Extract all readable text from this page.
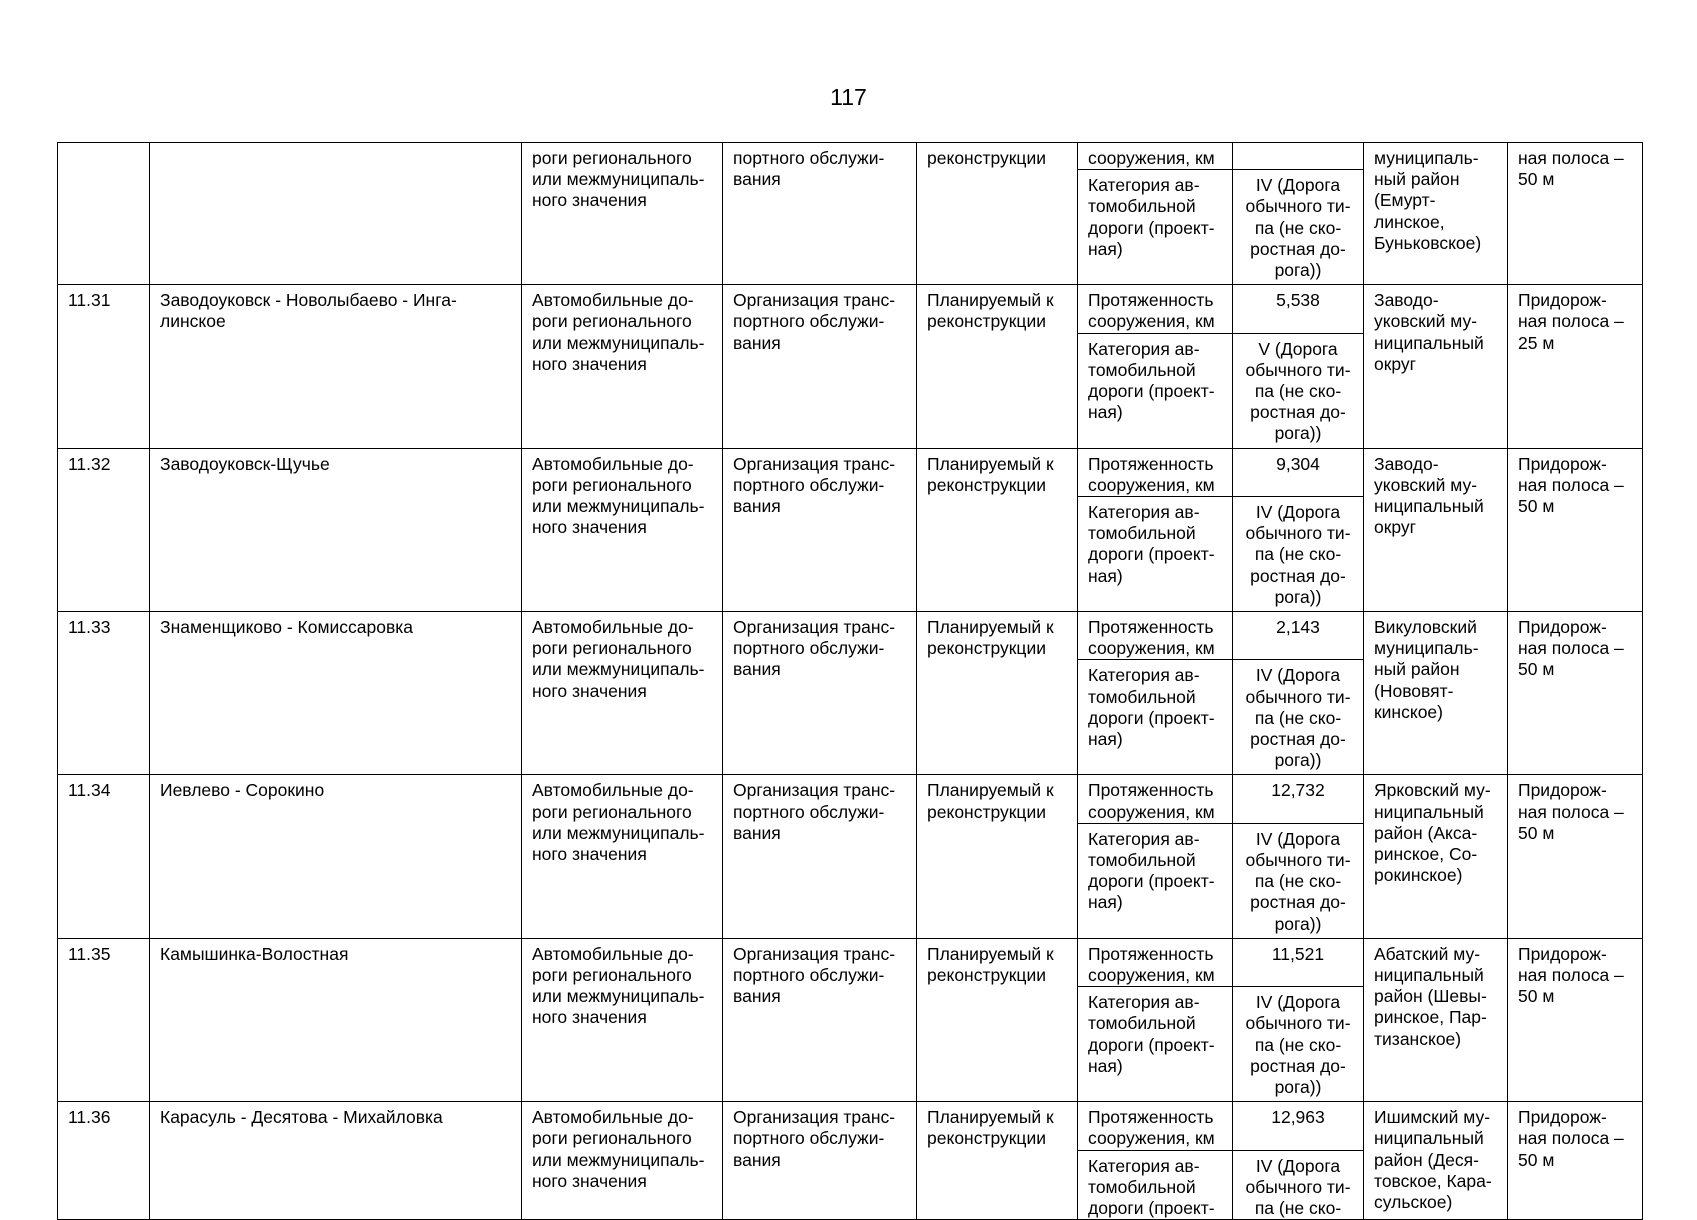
117
		роги регионального
или межмуниципаль-
ного значения	портного обслужи-
вания	реконструкции	сооружения, км		муниципаль-
ный район
(Емурт-
линское,
Буньковское)	ная полоса –
50 м
					Категория ав-
томобильной
дороги (проект-
ная)	IV (Дорога
обычного ти-
па (не ско-
ростная до-
рога))		
11.31	Заводоуковск - Новолыбаево - Инга-
линское	Автомобильные до-
роги регионального
или межмуниципаль-
ного значения	Организация транс-
портного обслужи-
вания	Планируемый к
реконструкции	Протяженность
сооружения, км	5,538	Заводо-
уковский му-
ниципальный
округ	Придорож-
ная полоса –
25 м
					Категория ав-
томобильной
дороги (проект-
ная)	V (Дорога
обычного ти-
па (не ско-
ростная до-
рога))		
11.32	Заводоуковск-Щучье	Автомобильные до-
роги регионального
или межмуниципаль-
ного значения	Организация транс-
портного обслужи-
вания	Планируемый к
реконструкции	Протяженность
сооружения, км	9,304	Заводо-
уковский му-
ниципальный
округ	Придорож-
ная полоса –
50 м
					Категория ав-
томобильной
дороги (проект-
ная)	IV (Дорога
обычного ти-
па (не ско-
ростная до-
рога))		
11.33	Знаменщиково - Комиссаровка	Автомобильные до-
роги регионального
или межмуниципаль-
ного значения	Организация транс-
портного обслужи-
вания	Планируемый к
реконструкции	Протяженность
сооружения, км	2,143	Викуловский
муниципаль-
ный район
(Нововят-
кинское)	Придорож-
ная полоса –
50 м
					Категория ав-
томобильной
дороги (проект-
ная)	IV (Дорога
обычного ти-
па (не ско-
ростная до-
рога))		
11.34	Иевлево - Сорокино	Автомобильные до-
роги регионального
или межмуниципаль-
ного значения	Организация транс-
портного обслужи-
вания	Планируемый к
реконструкции	Протяженность
сооружения, км	12,732	Ярковский му-
ниципальный
район (Акса-
ринское, Со-
рокинское)	Придорож-
ная полоса –
50 м
					Категория ав-
томобильной
дороги (проект-
ная)	IV (Дорога
обычного ти-
па (не ско-
ростная до-
рога))		
11.35	Камышинка-Волостная	Автомобильные до-
роги регионального
или межмуниципаль-
ного значения	Организация транс-
портного обслужи-
вания	Планируемый к
реконструкции	Протяженность
сооружения, км	11,521	Абатский му-
ниципальный
район (Шевы-
ринское, Пар-
тизанское)	Придорож-
ная полоса –
50 м
					Категория ав-
томобильной
дороги (проект-
ная)	IV (Дорога
обычного ти-
па (не ско-
ростная до-
рога))		
11.36	Карасуль - Десятова - Михайловка	Автомобильные до-
роги регионального
или межмуниципаль-
ного значения	Организация транс-
портного обслужи-
вания	Планируемый к
реконструкции	Протяженность
сооружения, км	12,963	Ишимский му-
ниципальный
район (Деся-
товское, Кара-
сульское)	Придорож-
ная полоса –
50 м
					Категория ав-
томобильной
дороги (проект-	IV (Дорога
обычного ти-
па (не ско-		
